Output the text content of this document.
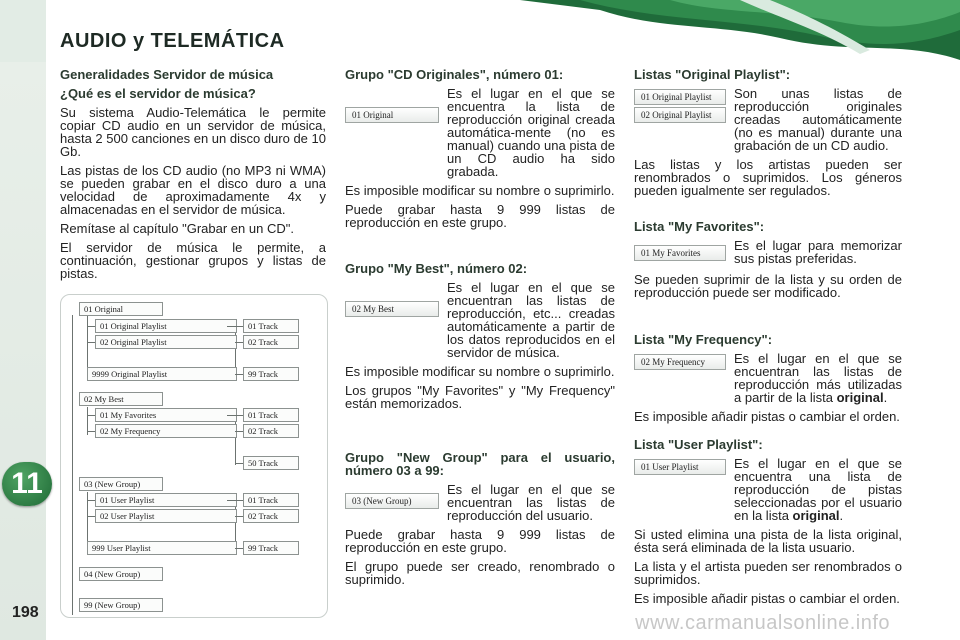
AUDIO y TELEMÁTICA
11
198
Generalidades Servidor de música
¿Qué es el servidor de música?

Su sistema Audio-Telemática le permite copiar CD audio en un servidor de música, hasta 2 500 canciones en un disco duro de 10 Gb.

Las pistas de los CD audio (no MP3 ni WMA) se pueden grabar en el disco duro a una velocidad de aproximadamente 4x y almacenadas en el servidor de música.

Remítase al capítulo "Grabar en un CD".

El servidor de música le permite, a continuación, gestionar grupos y listas de pistas.

01 Original
01 Original Playlist
02 Original Playlist
9999 Original Playlist
01 Track
02 Track
99 Track
02 My Best
01 My Favorites
02 My Frequency
01 Track
02 Track
50 Track
03 (New Group)
01 User Playlist
02 User Playlist
999 User Playlist
01 Track
02 Track
99 Track
04 (New Group)
99 (New Group)
Grupo "CD Originales", número 01:
01 Original

Es el lugar en el que se encuentra la lista de reproducción original creada automática-mente (no es manual) cuando una pista de un CD audio ha sido grabada.

Es imposible modificar su nombre o suprimirlo.

Puede grabar hasta 9 999 listas de reproducción en este grupo.

Grupo "My Best", número 02:
02 My Best

Es el lugar en el que se encuentran las listas de reproducción, etc... creadas automáticamente a partir de los datos reproducidos en el servidor de música.

Es imposible modificar su nombre o suprimirlo.

Los grupos "My Favorites" y "My Frequency" están memorizados.

Grupo "New Group" para el usuario, número 03 a 99:
03 (New Group)

Es el lugar en el que se encuentran las listas de reproducción del usuario.

Puede grabar hasta 9 999 listas de reproducción en este grupo.

El grupo puede ser creado, renombrado o suprimido.

Listas "Original Playlist":
01 Original Playlist
02 Original Playlist

Son unas listas de reproducción originales creadas automáticamente (no es manual) durante una grabación de un CD audio.

Las listas y los artistas pueden ser renombrados o suprimidos. Los géneros pueden igualmente ser regulados.

Lista "My Favorites":
01 My Favorites	Es el lugar para memorizar sus pistas preferidas.

Se pueden suprimir de la lista y su orden de reproducción puede ser modificado.

Lista "My Frequency":
02 My Frequency	Es el lugar en el que se encuentran las listas de reproducción más utilizadas a partir de la lista original.

Es imposible añadir pistas o cambiar el orden.

Lista "User Playlist":
01 User Playlist	Es el lugar en el que se encuentra una lista de reproducción de pistas seleccionadas por el usuario en la lista original.

Si usted elimina una pista de la lista original, ésta será eliminada de la lista usuario.

La lista y el artista pueden ser renombrados o suprimidos.

Es imposible añadir pistas o cambiar el orden.

www.carmanualsonline.info
